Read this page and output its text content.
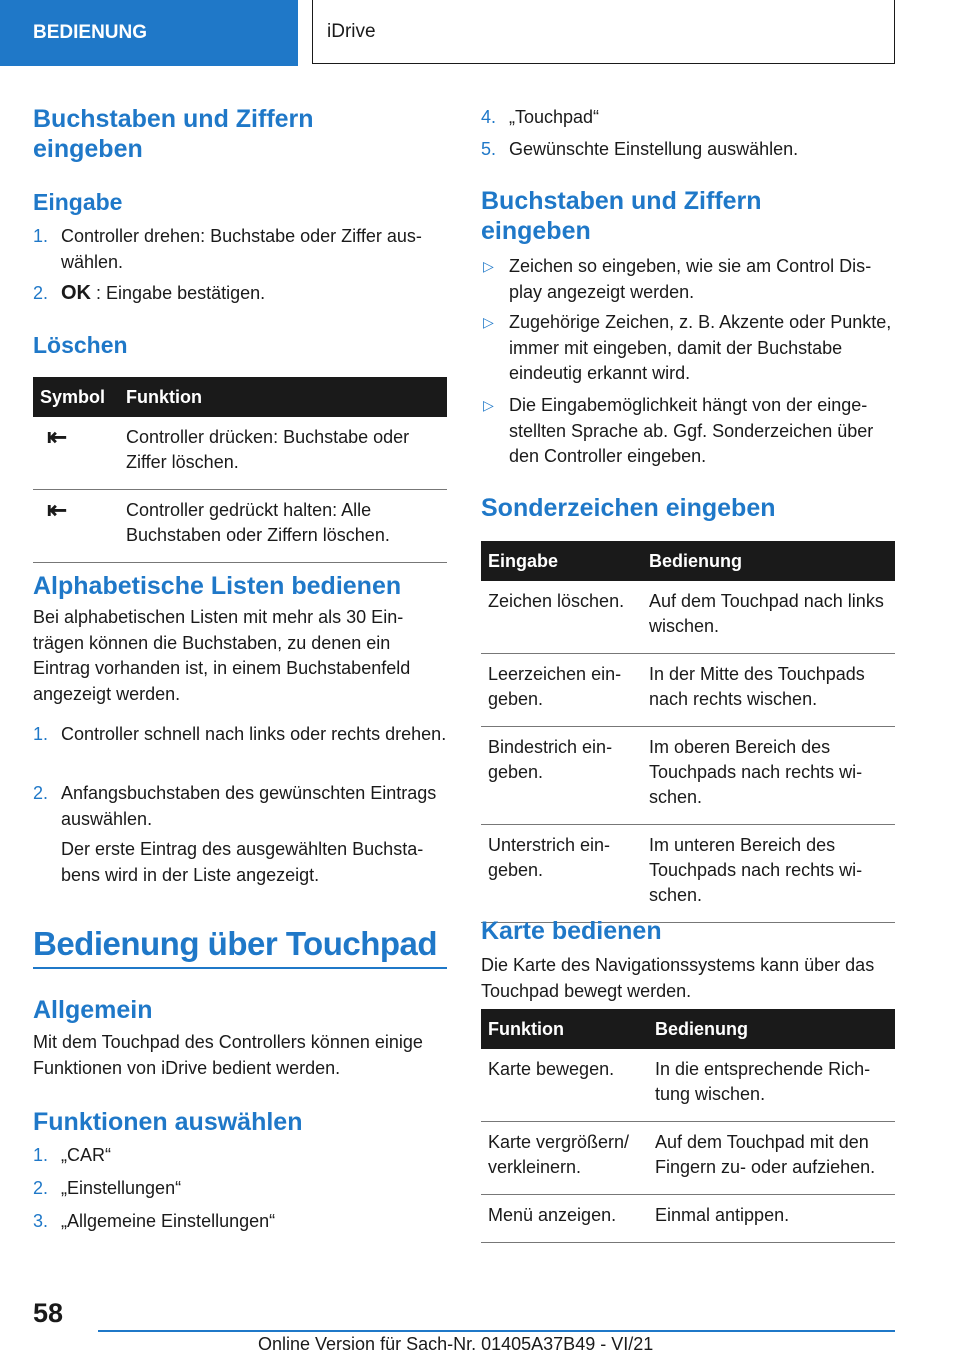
BEDIENUNG	iDrive
Buchstaben und Ziffern eingeben
Eingabe
1. Controller drehen: Buchstabe oder Ziffer auswählen.
2. OK : Eingabe bestätigen.
Löschen
Symbol	Funktion
⇤	Controller drücken: Buchstabe oder Ziffer löschen.
⇤	Controller gedrückt halten: Alle Buchstaben oder Ziffern löschen.
Alphabetische Listen bedienen

Bei alphabetischen Listen mit mehr als 30 Einträgen können die Buchstaben, zu denen ein Eintrag vorhanden ist, in einem Buchstabenfeld angezeigt werden.

1. Controller schnell nach links oder rechts drehen.
2. Anfangsbuchstaben des gewünschten Eintrags auswählen.

Der erste Eintrag des ausgewählten Buchstabens wird in der Liste angezeigt.

Bedienung über Touchpad
Allgemein

Mit dem Touchpad des Controllers können einige Funktionen von iDrive bedient werden.

Funktionen auswählen
1. „CAR“
2. „Einstellungen“
3. „Allgemeine Einstellungen“
4. „Touchpad“
5. Gewünschte Einstellung auswählen.
Buchstaben und Ziffern eingeben
▷ Zeichen so eingeben, wie sie am Control Display angezeigt werden.
▷ Zugehörige Zeichen, z. B. Akzente oder Punkte, immer mit eingeben, damit der Buchstabe eindeutig erkannt wird.
▷ Die Eingabemöglichkeit hängt von der eingestellten Sprache ab. Ggf. Sonderzeichen über den Controller eingeben.
Sonderzeichen eingeben
Eingabe	Bedienung
Zeichen löschen.	Auf dem Touchpad nach links wischen.
Leerzeichen eingeben.	In der Mitte des Touchpads nach rechts wischen.
Bindestrich eingeben.	Im oberen Bereich des Touchpads nach rechts wischen.
Unterstrich eingeben.	Im unteren Bereich des Touchpads nach rechts wischen.
Karte bedienen

Die Karte des Navigationssystems kann über das Touchpad bewegt werden.

Funktion	Bedienung
Karte bewegen.	In die entsprechende Richtung wischen.
Karte vergrößern/ verkleinern.	Auf dem Touchpad mit den Fingern zu- oder aufziehen.
Menü anzeigen.	Einmal antippen.
58
Online Version für Sach-Nr. 01405A37B49 - VI/21
